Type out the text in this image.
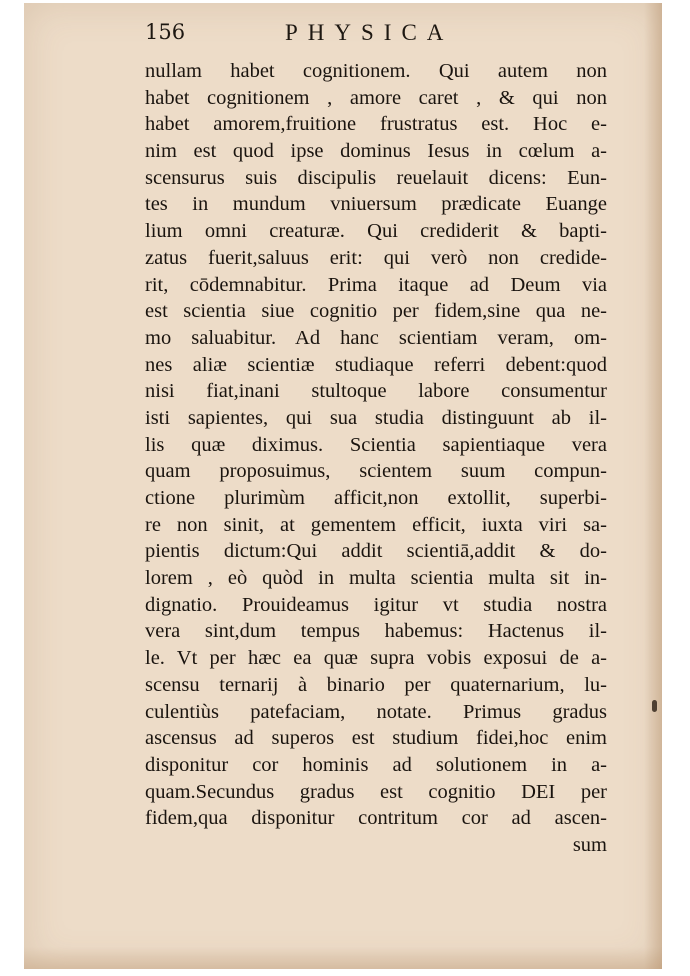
156	PHYSICA
nullam habet cognitionem. Qui autem non
habet cognitionem , amore caret , & qui non
habet amorem,fruitione frustratus est. Hoc e-
nim est quod ipse dominus Iesus in cœlum a-
scensurus suis discipulis reuelauit dicens: Eun-
tes in mundum vniuersum prædicate Euange
lium omni creaturæ. Qui crediderit & bapti-
zatus fuerit,saluus erit: qui verò non credide-
rit, cōdemnabitur. Prima itaque ad Deum via
est scientia siue cognitio per fidem,sine qua ne-
mo saluabitur. Ad hanc scientiam veram, om-
nes aliæ scientiæ studiaque referri debent:quod
nisi fiat,inani stultoque labore consumentur
isti sapientes, qui sua studia distinguunt ab il-
lis quæ diximus. Scientia sapientiaque vera
quam proposuimus, scientem suum compun-
ctione plurimùm afficit,non extollit, superbi-
re non sinit, at gementem efficit, iuxta viri sa-
pientis dictum:Qui addit scientiā,addit & do-
lorem , eò quòd in multa scientia multa sit in-
dignatio. Prouideamus igitur vt studia nostra
vera sint,dum tempus habemus: Hactenus il-
le. Vt per hæc ea quæ supra vobis exposui de a-
scensu ternarij à binario per quaternarium, lu-
culentiùs patefaciam, notate. Primus gradus
ascensus ad superos est studium fidei,hoc enim
disponitur cor hominis ad solutionem in a-
quam.Secundus gradus est cognitio DEI per
fidem,qua disponitur contritum cor ad ascen-
sum
